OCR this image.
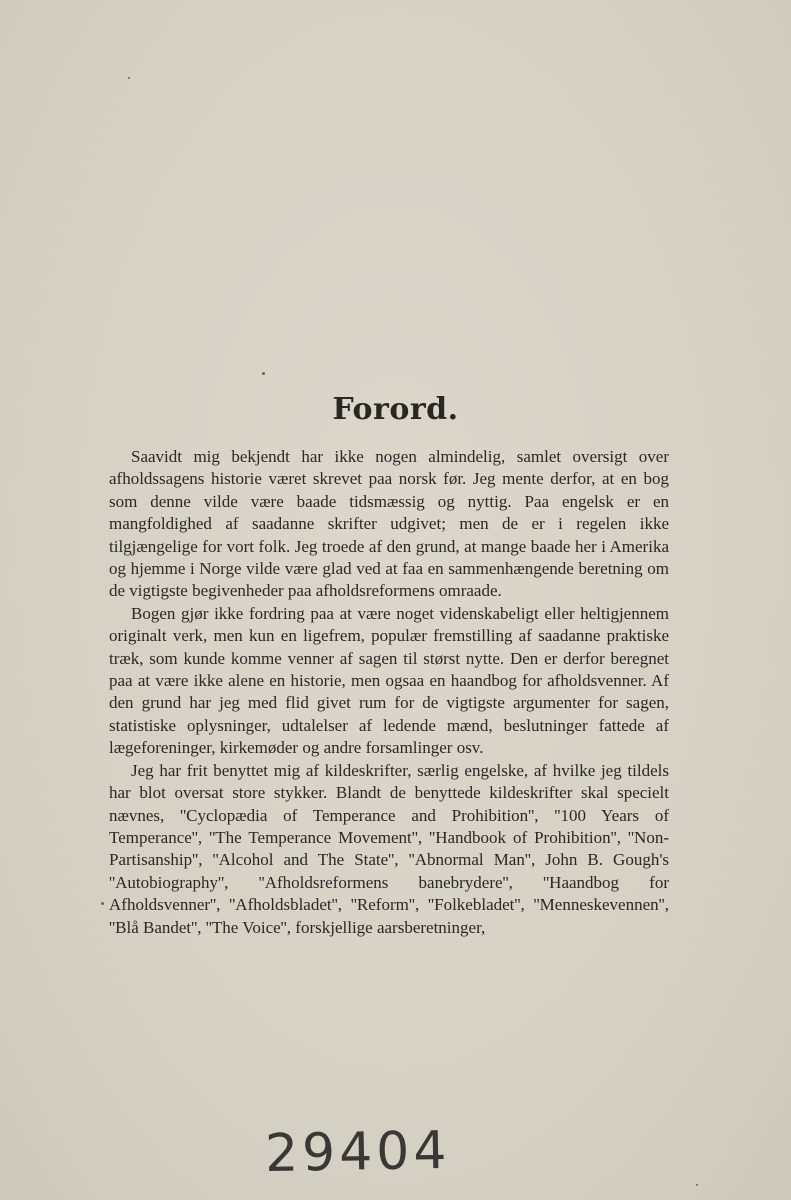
Forord.

Saavidt mig bekjendt har ikke nogen almindelig, samlet oversigt over afholdssagens historie været skrevet paa norsk før. Jeg mente derfor, at en bog som denne vilde være baade tidsmæssig og nyttig. Paa engelsk er en mangfoldighed af saadanne skrifter udgivet; men de er i regelen ikke tilgjængelige for vort folk. Jeg troede af den grund, at mange baade her i Amerika og hjemme i Norge vilde være glad ved at faa en sammenhængende beretning om de vigtigste begivenheder paa afholdsreformens omraade.

Bogen gjør ikke fordring paa at være noget videnskabeligt eller heltigjennem originalt verk, men kun en ligefrem, populær fremstilling af saadanne praktiske træk, som kunde komme venner af sagen til størst nytte. Den er derfor beregnet paa at være ikke alene en historie, men ogsaa en haandbog for afholdsvenner. Af den grund har jeg med flid givet rum for de vigtigste argumenter for sagen, statistiske oplysninger, udtalelser af ledende mænd, beslutninger fattede af lægeforeninger, kirkemøder og andre forsamlinger osv.

Jeg har frit benyttet mig af kildeskrifter, særlig engelske, af hvilke jeg tildels har blot oversat store stykker. Blandt de benyttede kildeskrifter skal specielt nævnes, ''Cyclopædia of Temperance and Prohibition'', ''100 Years of Temperance'', ''The Temperance Movement'', ''Handbook of Prohibition'', ''Non-Partisanship'', ''Alcohol and The State'', ''Abnormal Man'', John B. Gough's ''Autobiography'', ''Afholdsreformens banebrydere'', ''Haandbog for Afholdsvenner'', ''Afholdsbladet'', ''Reform'', ''Folkebladet'', ''Menneskevennen'', ''Blå Bandet'', ''The Voice'', forskjellige aarsberetninger,

29404
